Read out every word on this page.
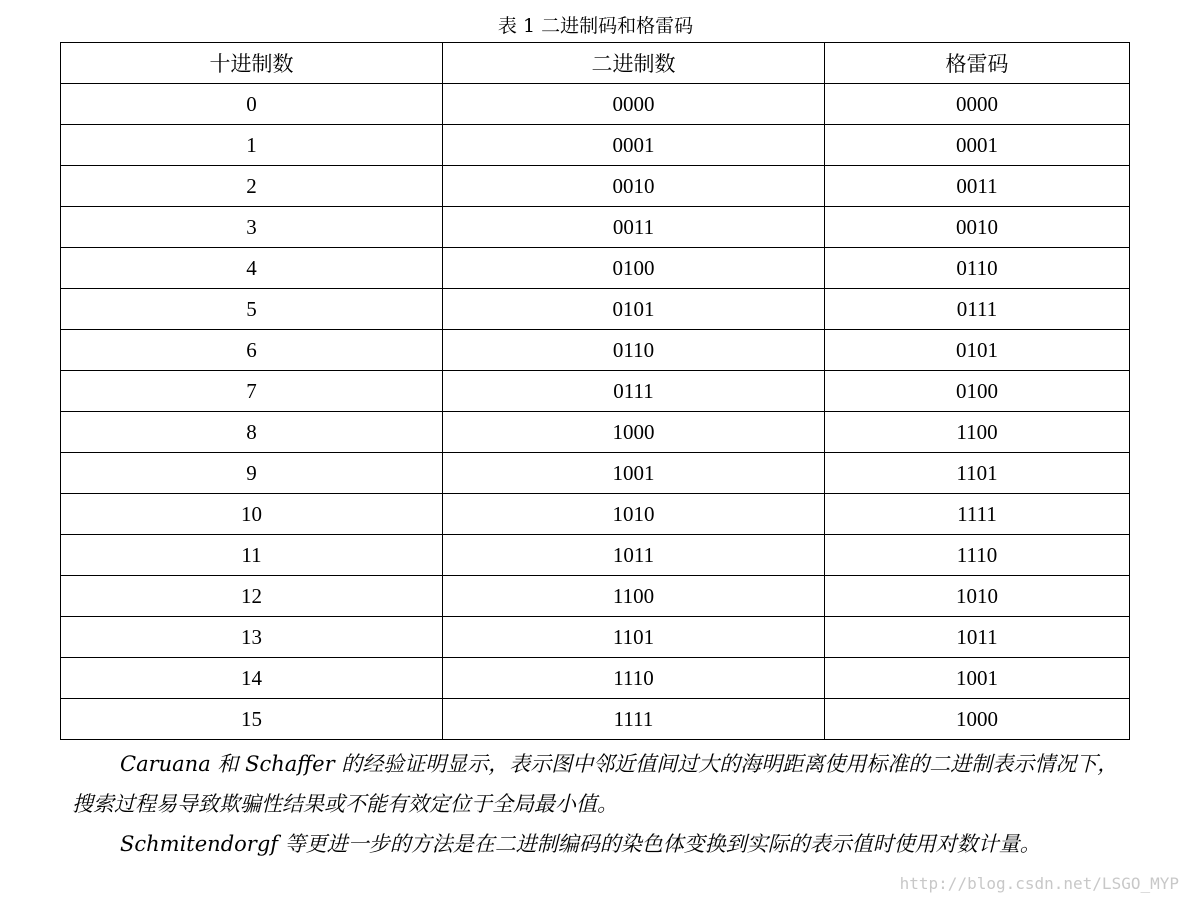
表 1 二进制码和格雷码
十进制数	二进制数	格雷码
0	0000	0000
1	0001	0001
2	0010	0011
3	0011	0010
4	0100	0110
5	0101	0111
6	0110	0101
7	0111	0100
8	1000	1100
9	1001	1101
10	1010	1111
11	1011	1110
12	1100	1010
13	1101	1011
14	1110	1001
15	1111	1000
Caruana 和 Schaffer 的经验证明显示，表示图中邻近值间过大的海明距离使用标准的二进制表示情况下，搜索过程易导致欺骗性结果或不能有效定位于全局最小值。
Schmitendorgf 等更进一步的方法是在二进制编码的染色体变换到实际的表示值时使用对数计量。
http://blog.csdn.net/LSGO_MYP
